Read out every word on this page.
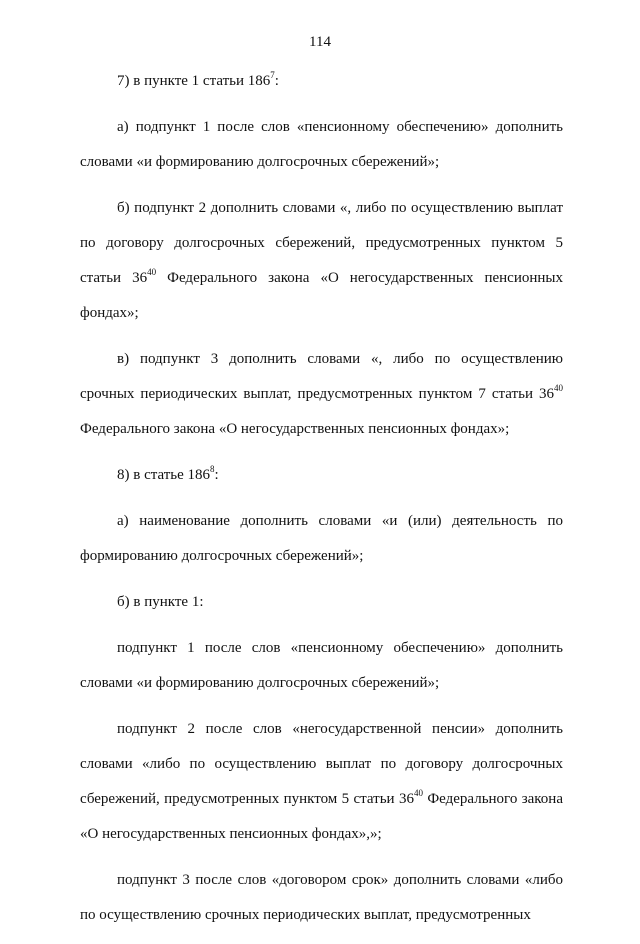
114

7) в пункте 1 статьи $186^7$:

а) подпункт 1 после слов «пенсионному обеспечению» дополнить словами «и формированию долгосрочных сбережений»;

б) подпункт 2 дополнить словами «, либо по осуществлению выплат по договору долгосрочных сбережений, предусмотренных пунктом 5 статьи $36^{40}$ Федерального закона «О негосударственных пенсионных фондах»;

в) подпункт 3 дополнить словами «, либо по осуществлению срочных периодических выплат, предусмотренных пунктом 7 статьи $36^{40}$ Федерального закона «О негосударственных пенсионных фондах»;

8) в статье $186^8$:

а) наименование дополнить словами «и (или) деятельность по формированию долгосрочных сбережений»;

б) в пункте 1:

подпункт 1 после слов «пенсионному обеспечению» дополнить словами «и формированию долгосрочных сбережений»;

подпункт 2 после слов «негосударственной пенсии» дополнить словами «либо по осуществлению выплат по договору долгосрочных сбережений, предусмотренных пунктом 5 статьи $36^{40}$ Федерального закона «О негосударственных пенсионных фондах»,»;

подпункт 3 после слов «договором срок» дополнить словами «либо по осуществлению срочных периодических выплат, предусмотренных
